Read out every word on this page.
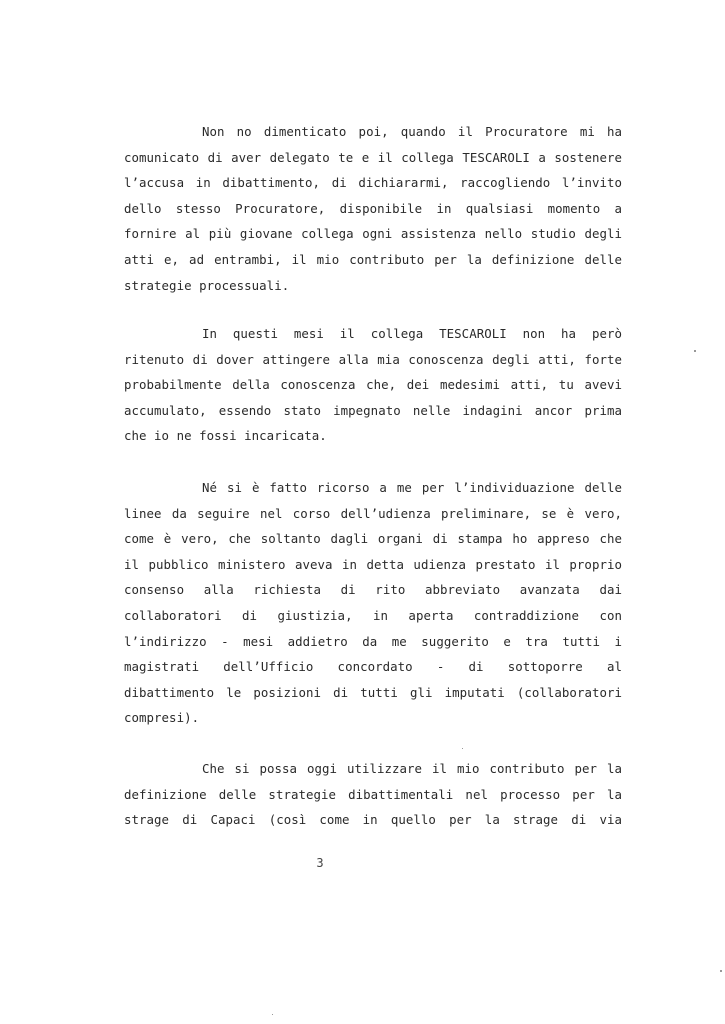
Non no dimenticato poi, quando il Procuratore mi ha
comunicato di aver delegato te e il collega TESCAROLI a sostenere
l’accusa in dibattimento, di dichiararmi, raccogliendo l’invito
dello stesso Procuratore, disponibile in qualsiasi momento a
fornire al più giovane collega ogni assistenza nello studio degli
atti e, ad entrambi, il mio contributo per la definizione delle
strategie processuali.
In questi mesi il collega TESCAROLI non ha però
ritenuto di dover attingere alla mia conoscenza degli atti, forte
probabilmente della conoscenza che, dei medesimi atti, tu avevi
accumulato, essendo stato impegnato nelle indagini ancor prima
che io ne fossi incaricata.
Né si è fatto ricorso a me per l’individuazione delle
linee da seguire nel corso dell’udienza preliminare, se è vero,
come è vero, che soltanto dagli organi di stampa ho appreso che
il pubblico ministero aveva in detta udienza prestato il proprio
consenso alla richiesta di rito abbreviato avanzata dai
collaboratori di giustizia, in aperta contraddizione con
l’indirizzo - mesi addietro da me suggerito e tra tutti i
magistrati dell’Ufficio concordato - di sottoporre al
dibattimento le posizioni di tutti gli imputati (collaboratori
compresi).
Che si possa oggi utilizzare il mio contributo per la
definizione delle strategie dibattimentali nel processo per la
strage di Capaci (così come in quello per la strage di via
3
